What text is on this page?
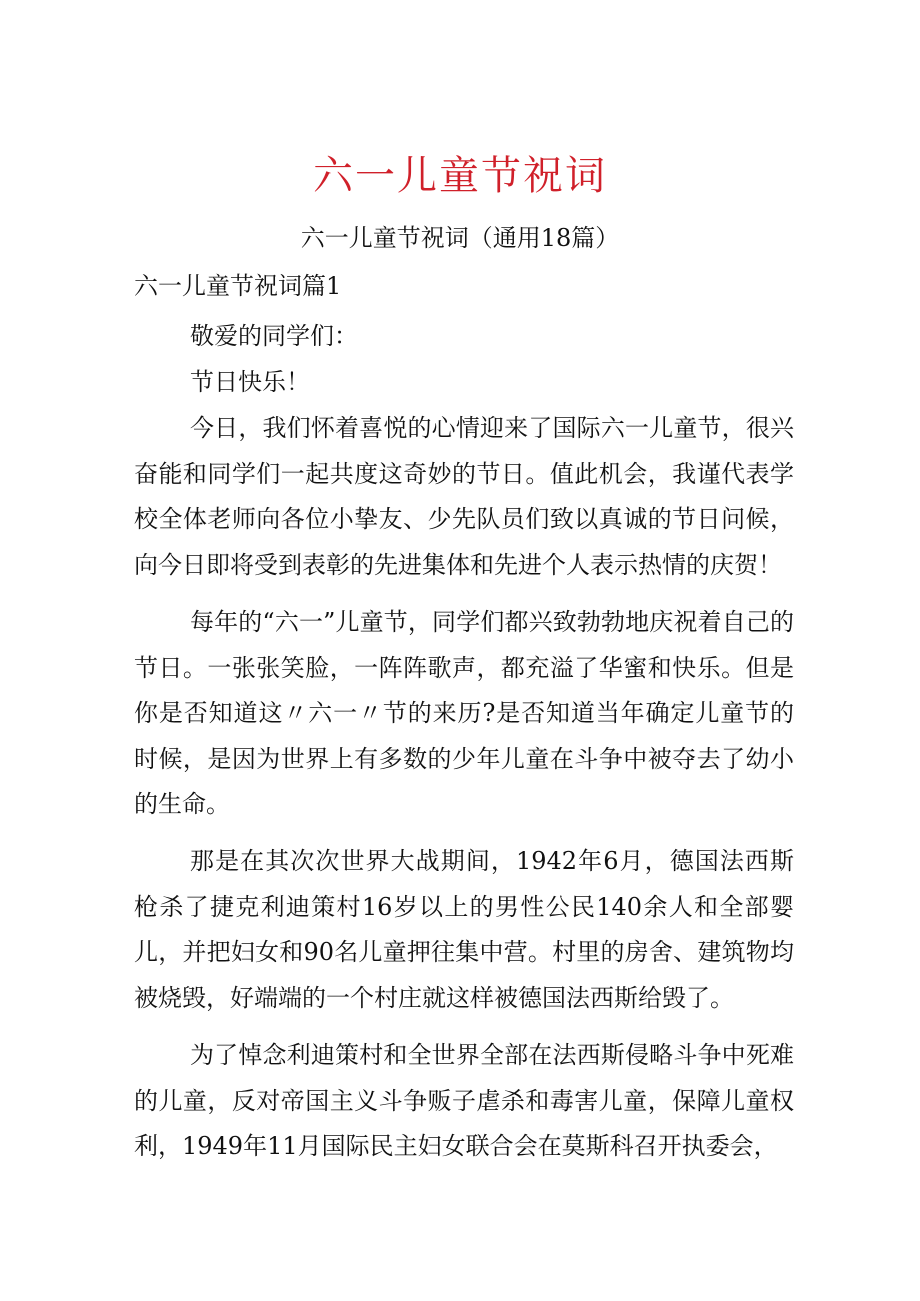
六一儿童节祝词
六一儿童节祝词（通用18篇）
六一儿童节祝词篇1

敬爱的同学们：

节日快乐！

今日，我们怀着喜悦的心情迎来了国际六一儿童节，很兴奋能和同学们一起共度这奇妙的节日。值此机会，我谨代表学校全体老师向各位小挚友、少先队员们致以真诚的节日问候，向今日即将受到表彰的先进集体和先进个人表示热情的庆贺！

每年的“六一”儿童节，同学们都兴致勃勃地庆祝着自己的节日。一张张笑脸，一阵阵歌声，都充溢了华蜜和快乐。但是你是否知道这〃六一〃节的来历?是否知道当年确定儿童节的时候，是因为世界上有多数的少年儿童在斗争中被夺去了幼小的生命。

那是在其次次世界大战期间，1942年6月，德国法西斯枪杀了捷克利迪策村16岁以上的男性公民140余人和全部婴儿，并把妇女和90名儿童押往集中营。村里的房舍、建筑物均被烧毁，好端端的一个村庄就这样被德国法西斯给毁了。

为了悼念利迪策村和全世界全部在法西斯侵略斗争中死难的儿童，反对帝国主义斗争贩子虐杀和毒害儿童，保障儿童权利，1949年11月国际民主妇女联合会在莫斯科召开执委会，
